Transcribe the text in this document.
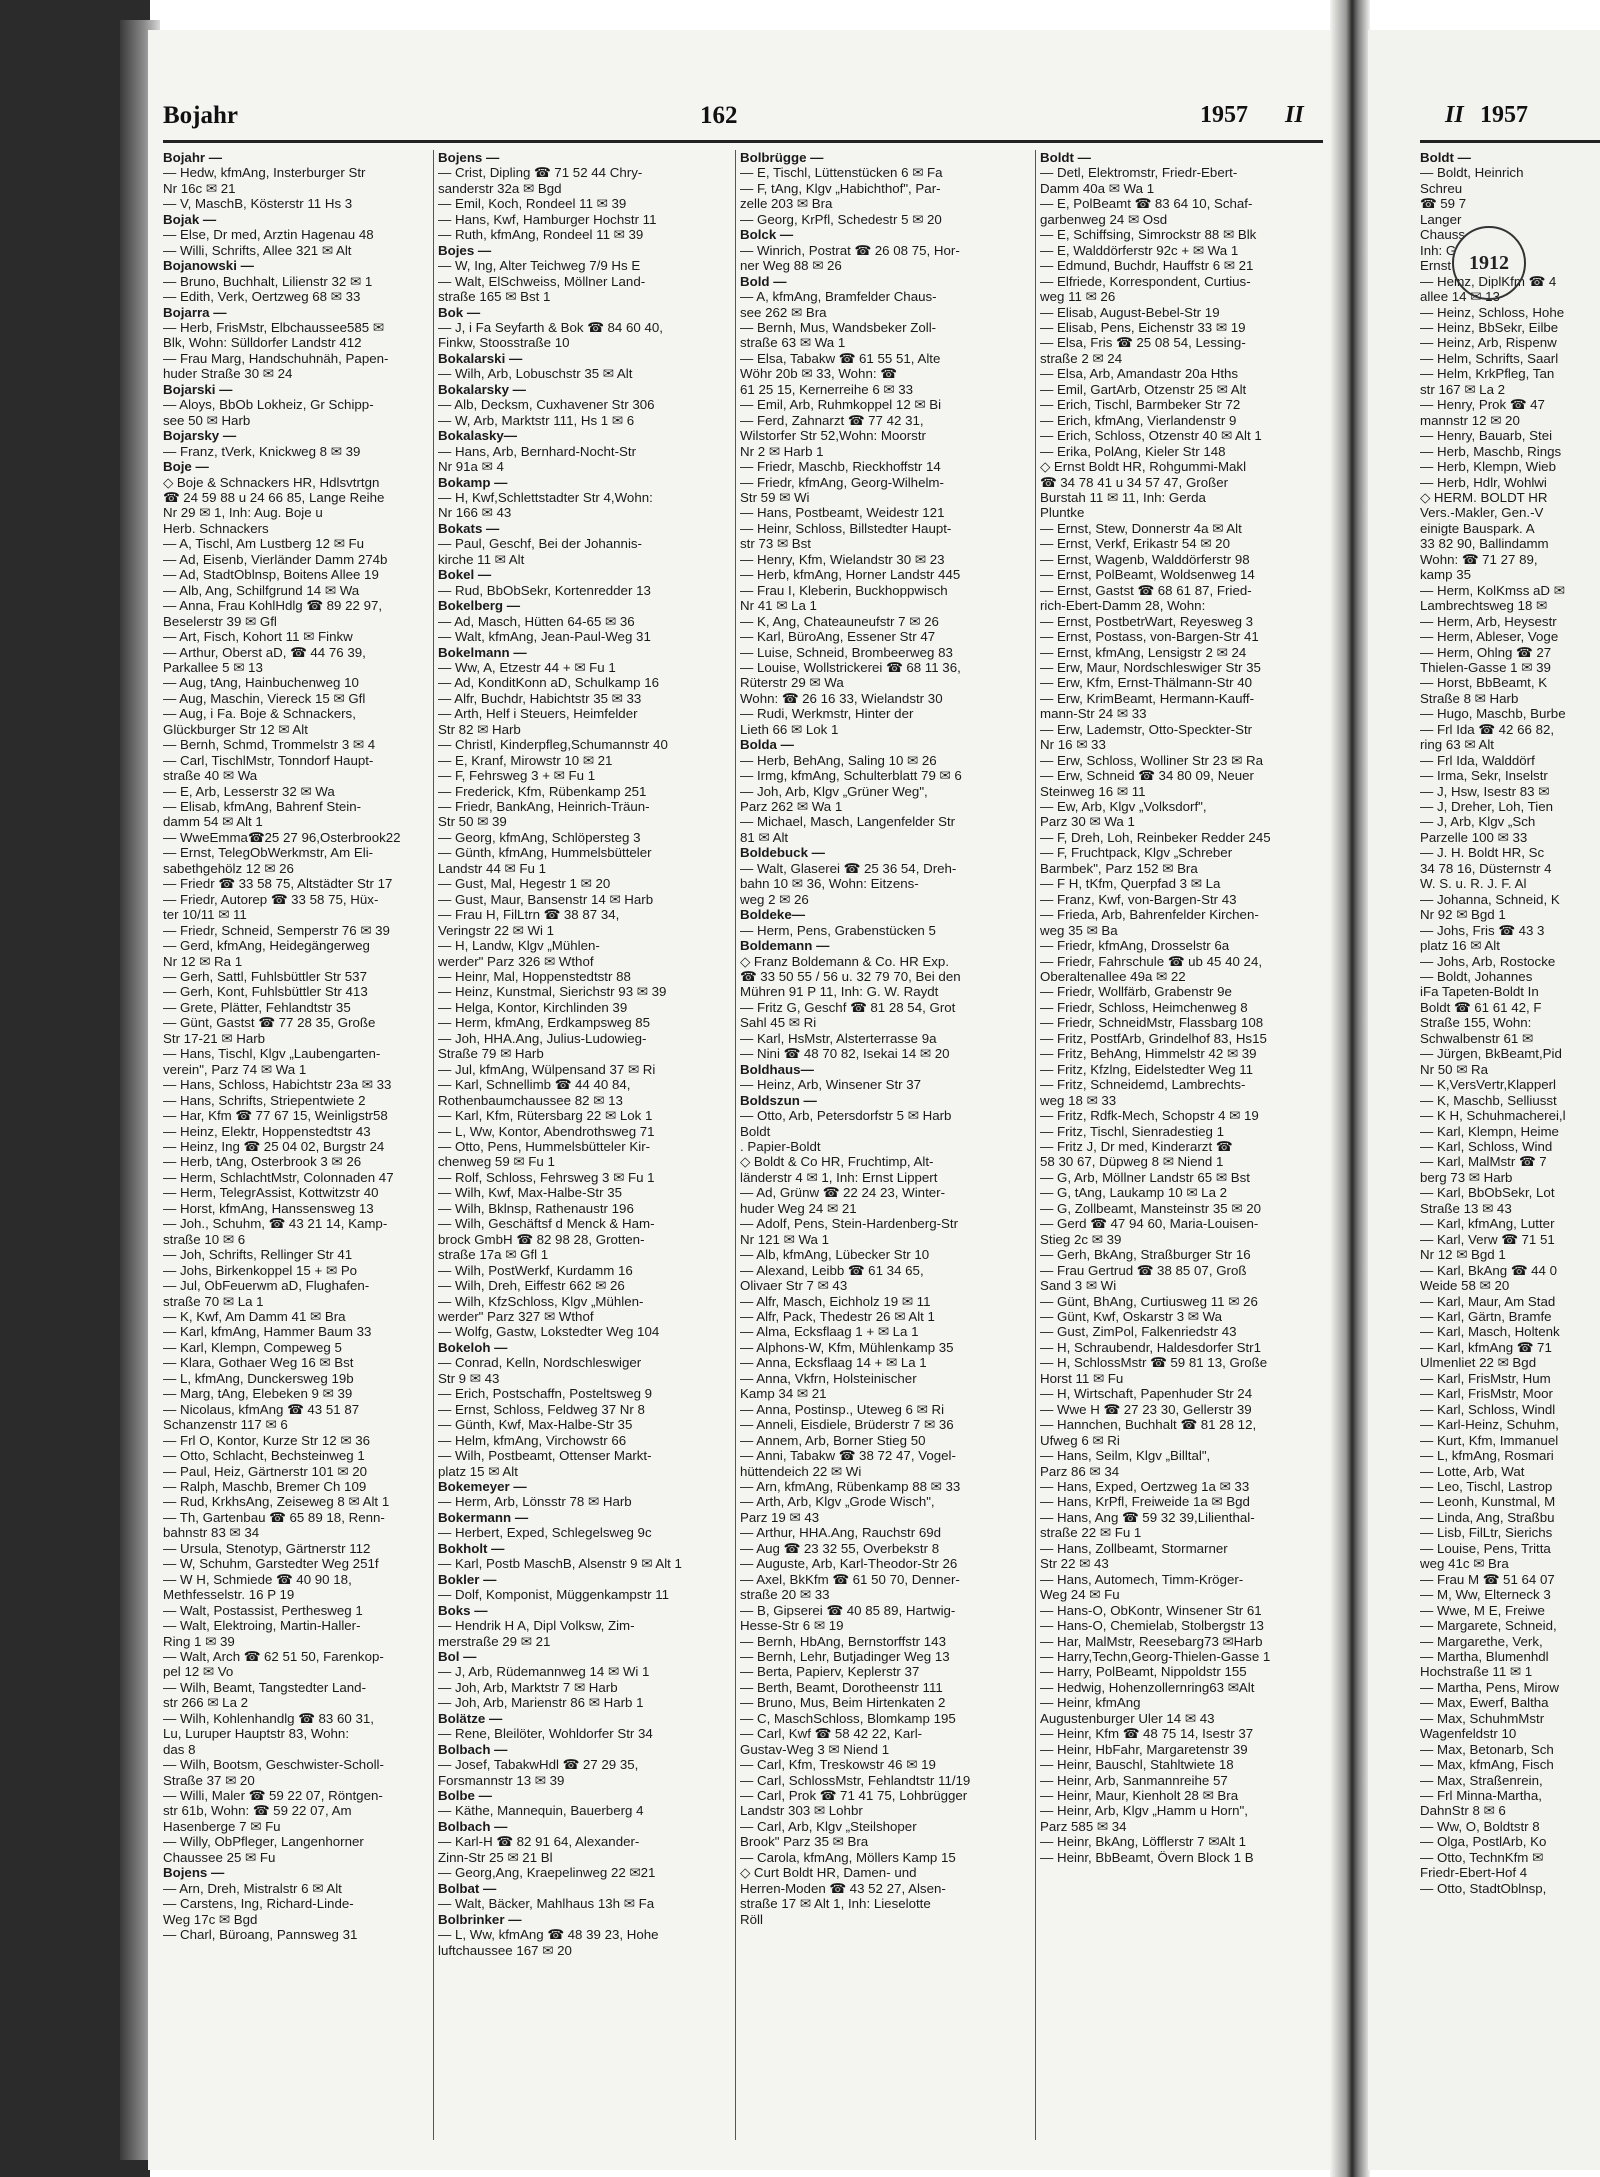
Bojahr	162	1957 II	II 1957
Bojahr —
— Hedw, kfmAng, Insterburger Str
Nr 16c ✉ 21
— V, MaschB, Kösterstr 11 Hs 3
Bojak —
— Else, Dr med, Arztin Hagenau 48
— Willi, Schrifts, Allee 321 ✉ Alt
Bojanowski —
— Bruno, Buchhalt, Lilienstr 32 ✉ 1
— Edith, Verk, Oertzweg 68 ✉ 33
Bojarra —
— Herb, FrisMstr, Elbchaussee585 ✉
Blk, Wohn: Sülldorfer Landstr 412
— Frau Marg, Handschuhnäh, Papen-
huder Straße 30 ✉ 24
Bojarski —
— Aloys, BbOb Lokheiz, Gr Schipp-
see 50 ✉ Harb
Bojarsky —
— Franz, tVerk, Knickweg 8 ✉ 39
Boje —
◇ Boje & Schnackers HR, Hdlsvtrtgn
☎ 24 59 88 u 24 66 85, Lange Reihe
Nr 29 ✉ 1, Inh: Aug. Boje u
Herb. Schnackers
— A, Tischl, Am Lustberg 12 ✉ Fu
— Ad, Eisenb, Vierländer Damm 274b
— Ad, StadtOblnsp, Boitens Allee 19
— Alb, Ang, Schilfgrund 14 ✉ Wa
— Anna, Frau KohlHdlg ☎ 89 22 97,
Beselerstr 39 ✉ Gfl
— Art, Fisch, Kohort 11 ✉ Finkw
— Arthur, Oberst aD, ☎ 44 76 39,
Parkallee 5 ✉ 13
— Aug, tAng, Hainbuchenweg 10
— Aug, Maschin, Viereck 15 ✉ Gfl
— Aug, i Fa. Boje & Schnackers,
Glückburger Str 12 ✉ Alt
— Bernh, Schmd, Trommelstr 3 ✉ 4
— Carl, TischlMstr, Tonndorf Haupt-
straße 40 ✉ Wa
— E, Arb, Lesserstr 32 ✉ Wa
— Elisab, kfmAng, Bahrenf Stein-
damm 54 ✉ Alt 1
— WweEmma☎25 27 96,Osterbrook22
— Ernst, TelegObWerkmstr, Am Eli-
sabethgehölz 12 ✉ 26
— Friedr ☎ 33 58 75, Altstädter Str 17
— Friedr, Autorep ☎ 33 58 75, Hüx-
ter 10/11 ✉ 11
— Friedr, Schneid, Semperstr 76 ✉ 39
— Gerd, kfmAng, Heidegängerweg
Nr 12 ✉ Ra 1
— Gerh, Sattl, Fuhlsbüttler Str 537
— Gerh, Kont, Fuhlsbüttler Str 413
— Grete, Plätter, Fehlandtstr 35
— Günt, Gastst ☎ 77 28 35, Große
Str 17-21 ✉ Harb
— Hans, Tischl, Klgv „Laubengarten-
verein", Parz 74 ✉ Wa 1
— Hans, Schloss, Habichtstr 23a ✉ 33
— Hans, Schrifts, Striepentwiete 2
— Har, Kfm ☎ 77 67 15, Weinligstr58
— Heinz, Elektr, Hoppenstedtstr 43
— Heinz, Ing ☎ 25 04 02, Burgstr 24
— Herb, tAng, Osterbrook 3 ✉ 26
— Herm, SchlachtMstr, Colonnaden 47
— Herm, TelegrAssist, Kottwitzstr 40
— Horst, kfmAng, Hanssensweg 13
— Joh., Schuhm, ☎ 43 21 14, Kamp-
straße 10 ✉ 6
— Joh, Schrifts, Rellinger Str 41
— Johs, Birkenkoppel 15 + ✉ Po
— Jul, ObFeuerwm aD, Flughafen-
straße 70 ✉ La 1
— K, Kwf, Am Damm 41 ✉ Bra
— Karl, kfmAng, Hammer Baum 33
— Karl, Klempn, Compeweg 5
— Klara, Gothaer Weg 16 ✉ Bst
— L, kfmAng, Dunckersweg 19b
— Marg, tAng, Elebeken 9 ✉ 39
— Nicolaus, kfmAng ☎ 43 51 87
Schanzenstr 117 ✉ 6
— Frl O, Kontor, Kurze Str 12 ✉ 36
— Otto, Schlacht, Bechsteinweg 1
— Paul, Heiz, Gärtnerstr 101 ✉ 20
— Ralph, Maschb, Bremer Ch 109
— Rud, KrkhsAng, Zeiseweg 8 ✉ Alt 1
— Th, Gartenbau ☎ 65 89 18, Renn-
bahnstr 83 ✉ 34
— Ursula, Stenotyp, Gärtnerstr 112
— W, Schuhm, Garstedter Weg 251f
— W H, Schmiede ☎ 40 90 18,
Methfesselstr. 16 P 19
— Walt, Postassist, Perthesweg 1
— Walt, Elektroing, Martin-Haller-
Ring 1 ✉ 39
— Walt, Arch ☎ 62 51 50, Farenkop-
pel 12 ✉ Vo
— Wilh, Beamt, Tangstedter Land-
str 266 ✉ La 2
— Wilh, Kohlenhandlg ☎ 83 60 31,
Lu, Luruper Hauptstr 83, Wohn:
das 8
— Wilh, Bootsm, Geschwister-Scholl-
Straße 37 ✉ 20
— Willi, Maler ☎ 59 22 07, Röntgen-
str 61b, Wohn: ☎ 59 22 07, Am
Hasenberge 7 ✉ Fu
— Willy, ObPfleger, Langenhorner
Chaussee 25 ✉ Fu
Bojens —
— Arn, Dreh, Mistralstr 6 ✉ Alt
— Carstens, Ing, Richard-Linde-
Weg 17c ✉ Bgd
— Charl, Büroang, Pannsweg 31
Bojens —
— Crist, Dipling ☎ 71 52 44 Chry-
sanderstr 32a ✉ Bgd
— Emil, Koch, Rondeel 11 ✉ 39
— Hans, Kwf, Hamburger Hochstr 11
— Ruth, kfmAng, Rondeel 11 ✉ 39
Bojes —
— W, Ing, Alter Teichweg 7/9 Hs E
— Walt, ElSchweiss, Möllner Land-
straße 165 ✉ Bst 1
Bok —
— J, i Fa Seyfarth & Bok ☎ 84 60 40,
Finkw, Stoosstraße 10
Bokalarski —
— Wilh, Arb, Lobuschstr 35 ✉ Alt
Bokalarsky —
— Alb, Decksm, Cuxhavener Str 306
— W, Arb, Marktstr 111, Hs 1 ✉ 6
Bokalasky—
— Hans, Arb, Bernhard-Nocht-Str
Nr 91a ✉ 4
Bokamp —
— H, Kwf,Schlettstadter Str 4,Wohn:
Nr 166 ✉ 43
Bokats —
— Paul, Geschf, Bei der Johannis-
kirche 11 ✉ Alt
Bokel —
— Rud, BbObSekr, Kortenredder 13
Bokelberg —
— Ad, Masch, Hütten 64-65 ✉ 36
— Walt, kfmAng, Jean-Paul-Weg 31
Bokelmann —
— Ww, A, Etzestr 44 + ✉ Fu 1
— Ad, KonditKonn aD, Schulkamp 16
— Alfr, Buchdr, Habichtstr 35 ✉ 33
— Arth, Helf i Steuers, Heimfelder
Str 82 ✉ Harb
— Christl, Kinderpfleg,Schumannstr 40
— E, Kranf, Mirowstr 10 ✉ 21
— F, Fehrsweg 3 + ✉ Fu 1
— Frederick, Kfm, Rübenkamp 251
— Friedr, BankAng, Heinrich-Träun-
Str 50 ✉ 39
— Georg, kfmAng, Schlöpersteg 3
— Günth, kfmAng, Hummelsbütteler
Landstr 44 ✉ Fu 1
— Gust, Mal, Hegestr 1 ✉ 20
— Gust, Maur, Bansenstr 14 ✉ Harb
— Frau H, FilLtrn ☎ 38 87 34,
Veringstr 22 ✉ Wi 1
— H, Landw, Klgv „Mühlen-
werder" Parz 326 ✉ Wthof
— Heinr, Mal, Hoppenstedtstr 88
— Heinz, Kunstmal, Sierichstr 93 ✉ 39
— Helga, Kontor, Kirchlinden 39
— Herm, kfmAng, Erdkampsweg 85
— Joh, HHA.Ang, Julius-Ludowieg-
Straße 79 ✉ Harb
— Jul, kfmAng, Wülpensand 37 ✉ Ri
— Karl, Schnellimb ☎ 44 40 84,
Rothenbaumchaussee 82 ✉ 13
— Karl, Kfm, Rütersbarg 22 ✉ Lok 1
— L, Ww, Kontor, Abendrothsweg 71
— Otto, Pens, Hummelsbütteler Kir-
chenweg 59 ✉ Fu 1
— Rolf, Schloss, Fehrsweg 3 ✉ Fu 1
— Wilh, Kwf, Max-Halbe-Str 35
— Wilh, Bklnsp, Rathenaustr 196
— Wilh, Geschäftsf d Menck & Ham-
brock GmbH ☎ 82 98 28, Grotten-
straße 17a ✉ Gfl 1
— Wilh, PostWerkf, Kurdamm 16
— Wilh, Dreh, Eiffestr 662 ✉ 26
— Wilh, KfzSchloss, Klgv „Mühlen-
werder" Parz 327 ✉ Wthof
— Wolfg, Gastw, Lokstedter Weg 104
Bokeloh —
— Conrad, Kelln, Nordschleswiger
Str 9 ✉ 43
— Erich, Postschaffn, Posteltsweg 9
— Ernst, Schloss, Feldweg 37 Nr 8
— Günth, Kwf, Max-Halbe-Str 35
— Helm, kfmAng, Virchowstr 66
— Wilh, Postbeamt, Ottenser Markt-
platz 15 ✉ Alt
Bokemeyer —
— Herm, Arb, Lönsstr 78 ✉ Harb
Bokermann —
— Herbert, Exped, Schlegelsweg 9c
Bokholt —
— Karl, Postb MaschB, Alsenstr 9 ✉ Alt 1
Bokler —
— Dolf, Komponist, Müggenkampstr 11
Boks —
— Hendrik H A, Dipl Volksw, Zim-
merstraße 29 ✉ 21
Bol —
— J, Arb, Rüdemannweg 14 ✉ Wi 1
— Joh, Arb, Marktstr 7 ✉ Harb
— Joh, Arb, Marienstr 86 ✉ Harb 1
Bolätze —
— Rene, Bleilöter, Wohldorfer Str 34
Bolbach —
— Josef, TabakwHdl ☎ 27 29 35,
Forsmannstr 13 ✉ 39
Bolbe —
— Käthe, Mannequin, Bauerberg 4
Bolbach —
— Karl-H ☎ 82 91 64, Alexander-
Zinn-Str 25 ✉ 21 Bl
— Georg,Ang, Kraepelinweg 22 ✉21
Bolbat —
— Walt, Bäcker, Mahlhaus 13h ✉ Fa
Bolbrinker —
— L, Ww, kfmAng ☎ 48 39 23, Hohe
luftchaussee 167 ✉ 20
Bolbrügge —
— E, Tischl, Lüttenstücken 6 ✉ Fa
— F, tAng, Klgv „Habichthof", Par-
zelle 203 ✉ Bra
— Georg, KrPfl, Schedestr 5 ✉ 20
Bolck —
— Winrich, Postrat ☎ 26 08 75, Hor-
ner Weg 88 ✉ 26
Bold —
— A, kfmAng, Bramfelder Chaus-
see 262 ✉ Bra
— Bernh, Mus, Wandsbeker Zoll-
straße 63 ✉ Wa 1
— Elsa, Tabakw ☎ 61 55 51, Alte
Wöhr 20b ✉ 33, Wohn: ☎
61 25 15, Kernerreihe 6 ✉ 33
— Emil, Arb, Ruhmkoppel 12 ✉ Bi
— Ferd, Zahnarzt ☎ 77 42 31,
Wilstorfer Str 52,Wohn: Moorstr
Nr 2 ✉ Harb 1
— Friedr, Maschb, Rieckhoffstr 14
— Friedr, kfmAng, Georg-Wilhelm-
Str 59 ✉ Wi
— Hans, Postbeamt, Weidestr 121
— Heinr, Schloss, Billstedter Haupt-
str 73 ✉ Bst
— Henry, Kfm, Wielandstr 30 ✉ 23
— Herb, kfmAng, Horner Landstr 445
— Frau I, Kleberin, Buckhoppwisch
Nr 41 ✉ La 1
— K, Ang, Chateauneufstr 7 ✉ 26
— Karl, BüroAng, Essener Str 47
— Luise, Schneid, Brombeerweg 83
— Louise, Wollstrickerei ☎ 68 11 36,
Rüterstr 29 ✉ Wa
Wohn: ☎ 26 16 33, Wielandstr 30
— Rudi, Werkmstr, Hinter der
Lieth 66 ✉ Lok 1
Bolda —
— Herb, BehAng, Saling 10 ✉ 26
— Irmg, kfmAng, Schulterblatt 79 ✉ 6
— Joh, Arb, Klgv „Grüner Weg",
Parz 262 ✉ Wa 1
— Michael, Masch, Langenfelder Str
81 ✉ Alt
Boldebuck —
— Walt, Glaserei ☎ 25 36 54, Dreh-
bahn 10 ✉ 36, Wohn: Eitzens-
weg 2 ✉ 26
Boldeke—
— Herm, Pens, Grabenstücken 5
Boldemann —
◇ Franz Boldemann & Co. HR Exp.
☎ 33 50 55 / 56 u. 32 79 70, Bei den
Mühren 91 P 11, Inh: G. W. Raydt
— Fritz G, Geschf ☎ 81 28 54, Grot
Sahl 45 ✉ Ri
— Karl, HsMstr, Alsterterrasse 9a
— Nini ☎ 48 70 82, Isekai 14 ✉ 20
Boldhaus—
— Heinz, Arb, Winsener Str 37
Boldszun —
— Otto, Arb, Petersdorfstr 5 ✉ Harb
Boldt
. Papier-Boldt
◇ Boldt & Co HR, Fruchtimp, Alt-
länderstr 4 ✉ 1, Inh: Ernst Lippert
— Ad, Grünw ☎ 22 24 23, Winter-
huder Weg 24 ✉ 21
— Adolf, Pens, Stein-Hardenberg-Str
Nr 121 ✉ Wa 1
— Alb, kfmAng, Lübecker Str 10
— Alexand, Leibb ☎ 61 34 65,
Olivaer Str 7 ✉ 43
— Alfr, Masch, Eichholz 19 ✉ 11
— Alfr, Pack, Thedestr 26 ✉ Alt 1
— Alma, Ecksflaag 1 + ✉ La 1
— Alphons-W, Kfm, Mühlenkamp 35
— Anna, Ecksflaag 14 + ✉ La 1
— Anna, Vkfrn, Holsteinischer
Kamp 34 ✉ 21
— Anna, Postinsp., Uteweg 6 ✉ Ri
— Anneli, Eisdiele, Brüderstr 7 ✉ 36
— Annem, Arb, Borner Stieg 50
— Anni, Tabakw ☎ 38 72 47, Vogel-
hüttendeich 22 ✉ Wi
— Arn, kfmAng, Rübenkamp 88 ✉ 33
— Arth, Arb, Klgv „Grode Wisch",
Parz 19 ✉ 43
— Arthur, HHA.Ang, Rauchstr 69d
— Aug ☎ 23 32 55, Overbekstr 8
— Auguste, Arb, Karl-Theodor-Str 26
— Axel, BkKfm ☎ 61 50 70, Denner-
straße 20 ✉ 33
— B, Gipserei ☎ 40 85 89, Hartwig-
Hesse-Str 6 ✉ 19
— Bernh, HbAng, Bernstorffstr 143
— Bernh, Lehr, Butjadinger Weg 13
— Berta, Papierv, Keplerstr 37
— Berth, Beamt, Dorotheenstr 111
— Bruno, Mus, Beim Hirtenkaten 2
— C, MaschSchloss, Blomkamp 195
— Carl, Kwf ☎ 58 42 22, Karl-
Gustav-Weg 3 ✉ Niend 1
— Carl, Kfm, Treskowstr 46 ✉ 19
— Carl, SchlossMstr, Fehlandtstr 11/19
— Carl, Prok ☎ 71 41 75, Lohbrügger
Landstr 303 ✉ Lohbr
— Carl, Arb, Klgv „Steilshoper
Brook" Parz 35 ✉ Bra
— Carola, kfmAng, Möllers Kamp 15
◇ Curt Boldt HR, Damen- und
Herren-Moden ☎ 43 52 27, Alsen-
straße 17 ✉ Alt 1, Inh: Lieselotte
Röll
Boldt —
— Detl, Elektromstr, Friedr-Ebert-
Damm 40a ✉ Wa 1
— E, PolBeamt ☎ 83 64 10, Schaf-
garbenweg 24 ✉ Osd
— E, Schiffsing, Simrockstr 88 ✉ Blk
— E, Walddörferstr 92c + ✉ Wa 1
— Edmund, Buchdr, Hauffstr 6 ✉ 21
— Elfriede, Korrespondent, Curtius-
weg 11 ✉ 26
— Elisab, August-Bebel-Str 19
— Elisab, Pens, Eichenstr 33 ✉ 19
— Elsa, Fris ☎ 25 08 54, Lessing-
straße 2 ✉ 24
— Elsa, Arb, Amandastr 20a Hths
— Emil, GartArb, Otzenstr 25 ✉ Alt
— Erich, Tischl, Barmbeker Str 72
— Erich, kfmAng, Vierlandenstr 9
— Erich, Schloss, Otzenstr 40 ✉ Alt 1
— Erika, PolAng, Kieler Str 148
◇ Ernst Boldt HR, Rohgummi-Makl
☎ 34 78 41 u 34 57 47, Großer
Burstah 11 ✉ 11, Inh: Gerda
Pluntke
— Ernst, Stew, Donnerstr 4a ✉ Alt
— Ernst, Verkf, Erikastr 54 ✉ 20
— Ernst, Wagenb, Walddörferstr 98
— Ernst, PolBeamt, Woldsenweg 14
— Ernst, Gastst ☎ 68 61 87, Fried-
rich-Ebert-Damm 28, Wohn:
— Ernst, PostbetrWart, Reyesweg 3
— Ernst, Postass, von-Bargen-Str 41
— Ernst, kfmAng, Lensigstr 2 ✉ 24
— Erw, Maur, Nordschleswiger Str 35
— Erw, Kfm, Ernst-Thälmann-Str 40
— Erw, KrimBeamt, Hermann-Kauff-
mann-Str 24 ✉ 33
— Erw, Lademstr, Otto-Speckter-Str
Nr 16 ✉ 33
— Erw, Schloss, Wolliner Str 23 ✉ Ra
— Erw, Schneid ☎ 34 80 09, Neuer
Steinweg 16 ✉ 11
— Ew, Arb, Klgv „Volksdorf",
Parz 30 ✉ Wa 1
— F, Dreh, Loh, Reinbeker Redder 245
— F, Fruchtpack, Klgv „Schreber
Barmbek", Parz 152 ✉ Bra
— F H, tKfm, Querpfad 3 ✉ La
— Franz, Kwf, von-Bargen-Str 43
— Frieda, Arb, Bahrenfelder Kirchen-
weg 35 ✉ Ba
— Friedr, kfmAng, Drosselstr 6a
— Friedr, Fahrschule ☎ ub 45 40 24,
Oberaltenallee 49a ✉ 22
— Friedr, Wollfärb, Grabenstr 9e
— Friedr, Schloss, Heimchenweg 8
— Friedr, SchneidMstr, Flassbarg 108
— Fritz, PostfArb, Grindelhof 83, Hs15
— Fritz, BehAng, Himmelstr 42 ✉ 39
— Fritz, Kfzlng, Eidelstedter Weg 11
— Fritz, Schneidemd, Lambrechts-
weg 18 ✉ 33
— Fritz, Rdfk-Mech, Schopstr 4 ✉ 19
— Fritz, Tischl, Sienradestieg 1
— Fritz J, Dr med, Kinderarzt ☎
58 30 67, Düpweg 8 ✉ Niend 1
— G, Arb, Möllner Landstr 65 ✉ Bst
— G, tAng, Laukamp 10 ✉ La 2
— G, Zollbeamt, Mansteinstr 35 ✉ 20
— Gerd ☎ 47 94 60, Maria-Louisen-
Stieg 2c ✉ 39
— Gerh, BkAng, Straßburger Str 16
— Frau Gertrud ☎ 38 85 07, Groß
Sand 3 ✉ Wi
— Günt, BhAng, Curtiusweg 11 ✉ 26
— Günt, Kwf, Oskarstr 3 ✉ Wa
— Gust, ZimPol, Falkenriedstr 43
— H, Schraubendr, Haldesdorfer Str1
— H, SchlossMstr ☎ 59 81 13, Große
Horst 11 ✉ Fu
— H, Wirtschaft, Papenhuder Str 24
— Wwe H ☎ 27 23 30, Gellerstr 39
— Hannchen, Buchhalt ☎ 81 28 12,
Ufweg 6 ✉ Ri
— Hans, Seilm, Klgv „Billtal",
Parz 86 ✉ 34
— Hans, Exped, Oertzweg 1a ✉ 33
— Hans, KrPfl, Freiweide 1a ✉ Bgd
— Hans, Ang ☎ 59 32 39,Lilienthal-
straße 22 ✉ Fu 1
— Hans, Zollbeamt, Stormarner
Str 22 ✉ 43
— Hans, Automech, Timm-Kröger-
Weg 24 ✉ Fu
— Hans-O, ObKontr, Winsener Str 61
— Hans-O, Chemielab, Stolbergstr 13
— Har, MalMstr, Reesebarg73 ✉Harb
— Harry,Techn,Georg-Thielen-Gasse 1
— Harry, PolBeamt, Nippoldstr 155
— Hedwig, Hohenzollernring63 ✉Alt
— Heinr, kfmAng
Augustenburger Uler 14 ✉ 43
— Heinr, Kfm ☎ 48 75 14, Isestr 37
— Heinr, HbFahr, Margaretenstr 39
— Heinr, Bauschl, Stahltwiete 18
— Heinr, Arb, Sanmannreihe 57
— Heinr, Maur, Kienholt 28 ✉ Bra
— Heinr, Arb, Klgv „Hamm u Horn",
Parz 585 ✉ 34
— Heinr, BkAng, Löfflerstr 7 ✉Alt 1
— Heinr, BbBeamt, Övern Block 1 B
Boldt —
— Boldt, Heinrich
Schreu
☎ 59 7
Langer
Chauss
Inh: G
Ernst
— Heinz, DiplKfm ☎ 4
allee 14 ✉ 13
— Heinz, Schloss, Hohe
— Heinz, BbSekr, Eilbe
— Heinz, Arb, Rispenw
— Helm, Schrifts, Saarl
— Helm, KrkPfleg, Tan
str 167 ✉ La 2
— Henry, Prok ☎ 47
mannstr 12 ✉ 20
— Henry, Bauarb, Stei
— Herb, Maschb, Rings
— Herb, Klempn, Wieb
— Herb, Hdlr, Wohlwi
◇ HERM. BOLDT HR
Vers.-Makler, Gen.-V
einigte Bauspark. A
33 82 90, Ballindamm
Wohn: ☎ 71 27 89,
kamp 35
— Herm, KolKmss aD ✉
Lambrechtsweg 18 ✉
— Herm, Arb, Heysestr
— Herm, Ableser, Voge
— Herm, Ohlng ☎ 27
Thielen-Gasse 1 ✉ 39
— Horst, BbBeamt, K
Straße 8 ✉ Harb
— Hugo, Maschb, Burbe
— Frl Ida ☎ 42 66 82,
ring 63 ✉ Alt
— Frl Ida, Walddörf
— Irma, Sekr, Inselstr
— J, Hsw, Isestr 83 ✉
— J, Dreher, Loh, Tien
— J, Arb, Klgv „Sch
Parzelle 100 ✉ 33
— J. H. Boldt HR, Sc
34 78 16, Düsternstr 4
W. S. u. R. J. F. Al
— Johanna, Schneid, K
Nr 92 ✉ Bgd 1
— Johs, Fris ☎ 43 3
platz 16 ✉ Alt
— Johs, Arb, Rostocke
— Boldt, Johannes
iFa Tapeten-Boldt In
Boldt ☎ 61 61 42, F
Straße 155, Wohn:
Schwalbenstr 61 ✉
— Jürgen, BkBeamt,Pid
Nr 50 ✉ Ra
— K,VersVertr,Klapperl
— K, Maschb, Selliusst
— K H, Schuhmacherei,l
— Karl, Klempn, Heime
— Karl, Schloss, Wind
— Karl, MalMstr ☎ 7
berg 73 ✉ Harb
— Karl, BbObSekr, Lot
Straße 13 ✉ 43
— Karl, kfmAng, Lutter
— Karl, Verw ☎ 71 51
Nr 12 ✉ Bgd 1
— Karl, BkAng ☎ 44 0
Weide 58 ✉ 20
— Karl, Maur, Am Stad
— Karl, Gärtn, Bramfe
— Karl, Masch, Holtenk
— Karl, kfmAng ☎ 71
Ulmenliet 22 ✉ Bgd
— Karl, FrisMstr, Hum
— Karl, FrisMstr, Moor
— Karl, Schloss, Windl
— Karl-Heinz, Schuhm,
— Kurt, Kfm, Immanuel
— L, kfmAng, Rosmari
— Lotte, Arb, Wat
— Leo, Tischl, Lastrop
— Leonh, Kunstmal, M
— Linda, Ang, Straßbu
— Lisb, FilLtr, Sierichs
— Louise, Pens, Tritta
weg 41c ✉ Bra
— Frau M ☎ 51 64 07
— M, Ww, Elterneck 3
— Wwe, M E, Freiwe
— Margarete, Schneid,
— Margarethe, Verk,
— Martha, Blumenhdl
Hochstraße 11 ✉ 1
— Martha, Pens, Mirow
— Max, Ewerf, Baltha
— Max, SchuhmMstr
Wagenfeldstr 10
— Max, Betonarb, Sch
— Max, kfmAng, Fisch
— Max, Straßenrein,
— Frl Minna-Martha,
DahnStr 8 ✉ 6
— Ww, O, Boldtstr 8
— Olga, PostlArb, Ko
— Otto, TechnKfm ✉
Friedr-Ebert-Hof 4
— Otto, StadtOblnsp,
1912
